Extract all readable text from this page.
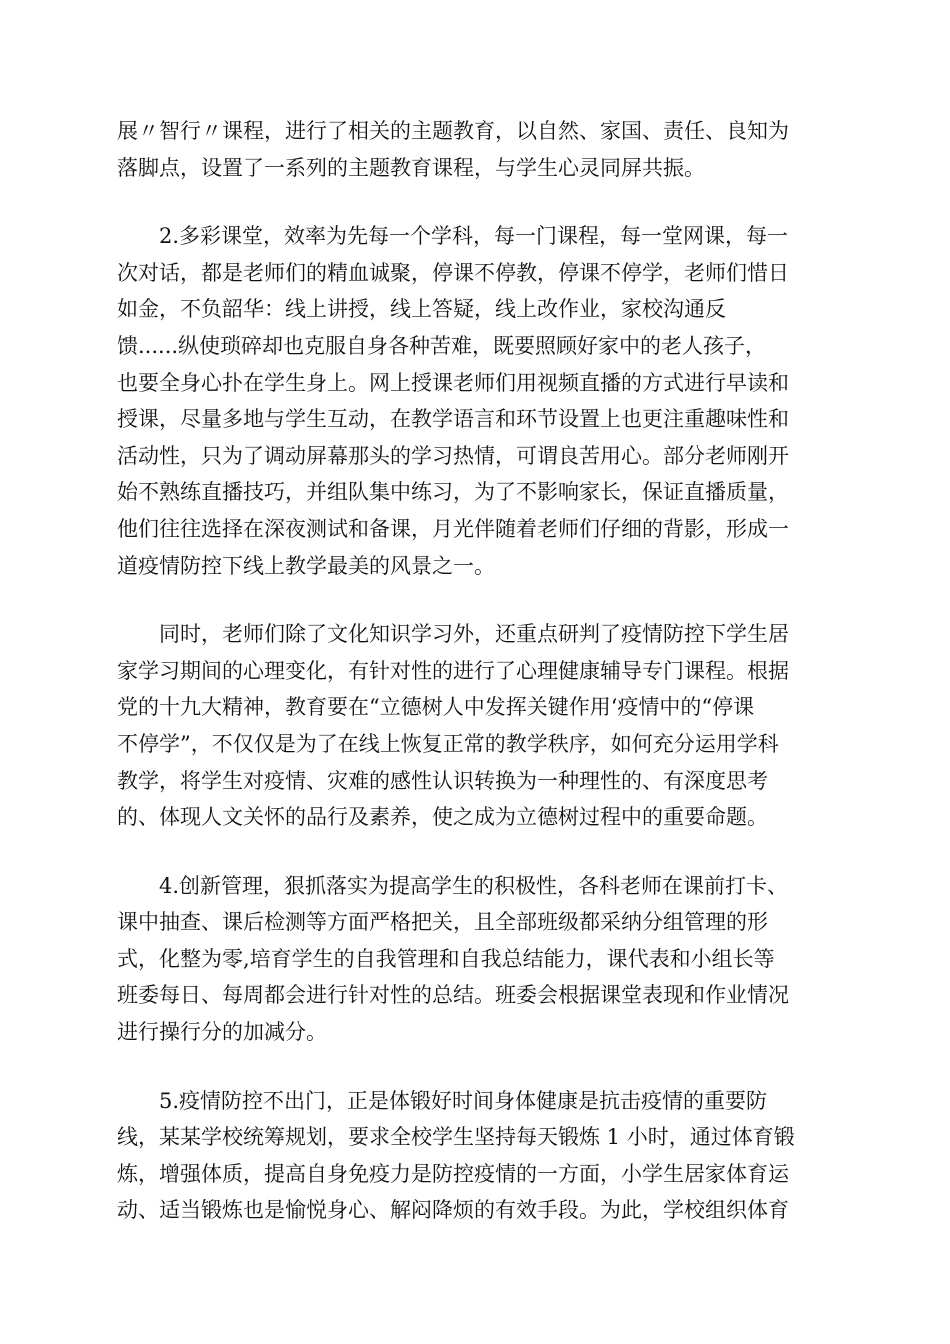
展〃智行〃课程，进行了相关的主题教育，以自然、家国、责任、良知为
落脚点，设置了一系列的主题教育课程，与学生心灵同屏共振。

　　2.多彩课堂，效率为先每一个学科，每一门课程，每一堂网课，每一
次对话，都是老师们的精血诚聚，停课不停教，停课不停学，老师们惜日
如金，不负韶华：线上讲授，线上答疑，线上改作业，家校沟通反
馈......纵使琐碎却也克服自身各种苦难，既要照顾好家中的老人孩子，
也要全身心扑在学生身上。网上授课老师们用视频直播的方式进行早读和
授课，尽量多地与学生互动，在教学语言和环节设置上也更注重趣味性和
活动性，只为了调动屏幕那头的学习热情，可谓良苦用心。部分老师刚开
始不熟练直播技巧，并组队集中练习，为了不影响家长，保证直播质量，
他们往往选择在深夜测试和备课，月光伴随着老师们仔细的背影，形成一
道疫情防控下线上教学最美的风景之一。

　　同时，老师们除了文化知识学习外，还重点研判了疫情防控下学生居
家学习期间的心理变化，有针对性的进行了心理健康辅导专门课程。根据
党的十九大精神，教育要在“立德树人中发挥关键作用‘疫情中的“停课
不停学”，不仅仅是为了在线上恢复正常的教学秩序，如何充分运用学科
教学，将学生对疫情、灾难的感性认识转换为一种理性的、有深度思考
的、体现人文关怀的品行及素养，使之成为立德树过程中的重要命题。

　　4.创新管理，狠抓落实为提高学生的积极性，各科老师在课前打卡、
课中抽查、课后检测等方面严格把关，且全部班级都采纳分组管理的形
式，化整为零,培育学生的自我管理和自我总结能力，课代表和小组长等
班委每日、每周都会进行针对性的总结。班委会根据课堂表现和作业情况
进行操行分的加减分。

　　5.疫情防控不出门，正是体锻好时间身体健康是抗击疫情的重要防
线，某某学校统筹规划，要求全校学生坚持每天锻炼 1 小时，通过体育锻
炼，增强体质，提高自身免疫力是防控疫情的一方面，小学生居家体育运
动、适当锻炼也是愉悦身心、解闷降烦的有效手段。为此，学校组织体育
